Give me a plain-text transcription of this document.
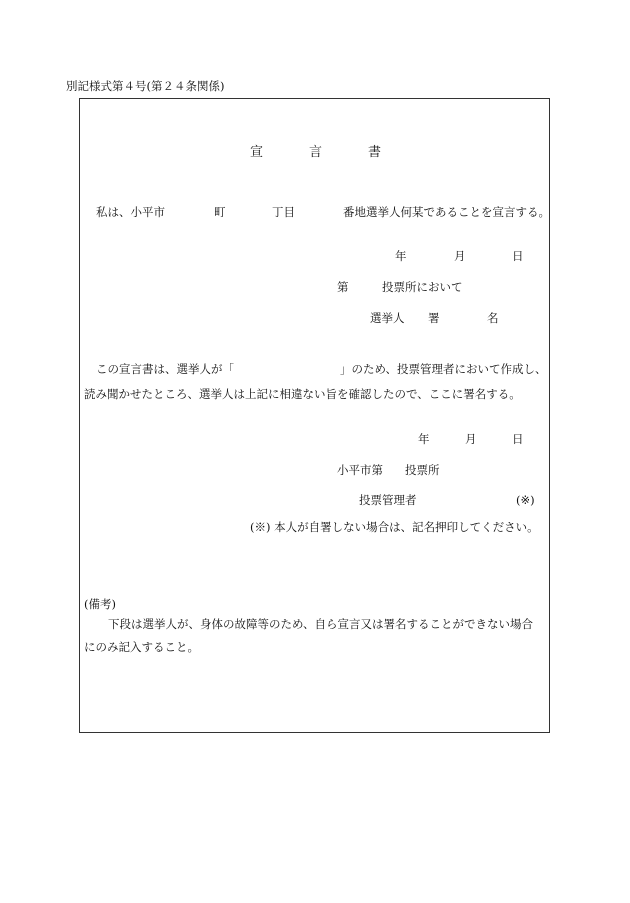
別記様式第４号(第２４条関係)
宣	言	書
私は、小平市	町	丁目	番地選挙人何某であることを宣言する。
年	月	日
第	投票所において
選挙人 署	名
この宣言書は、選挙人が「	」のため、投票管理者において作成し、
読み聞かせたところ、選挙人は上記に相違ない旨を確認したので、ここに署名する。
年	月	日
小平市第 投票所
投票管理者	(※)
(※) 本人が自署しない場合は、記名押印してください。
(備考)
下段は選挙人が、身体の故障等のため、自ら宣言又は署名することができない場合
にのみ記入すること。
